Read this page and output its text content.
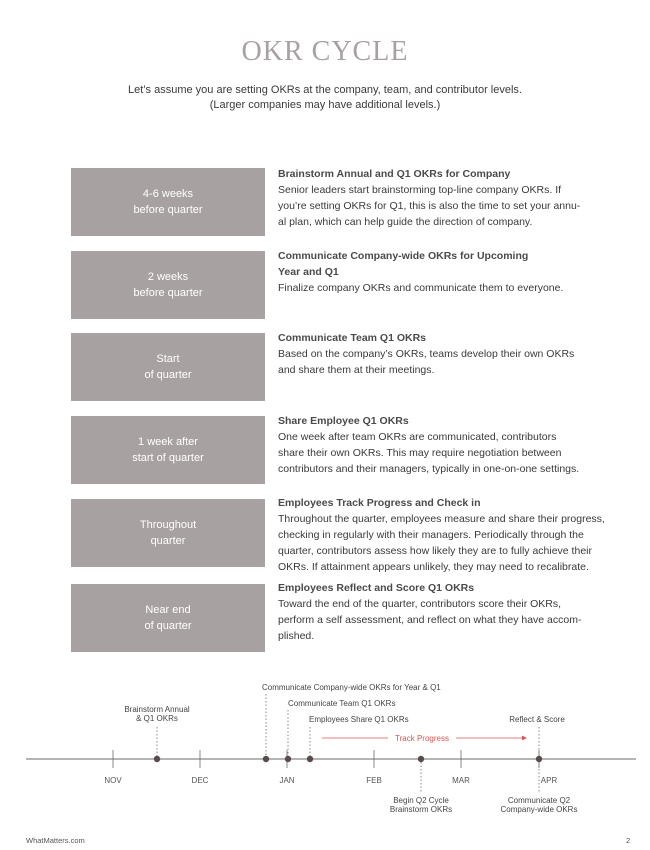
OKR CYCLE
Let’s assume you are setting OKRs at the company, team, and contributor levels.
(Larger companies may have additional levels.)
4-6 weeks
before quarter
Brainstorm Annual and Q1 OKRs for Company
Senior leaders start brainstorming top-line company OKRs. If
you’re setting OKRs for Q1, this is also the time to set your annu-
al plan, which can help guide the direction of company.
2 weeks
before quarter
Communicate Company-wide OKRs for Upcoming
Year and Q1
Finalize company OKRs and communicate them to everyone.
Start
of quarter
Communicate Team Q1 OKRs
Based on the company’s OKRs, teams develop their own OKRs
and share them at their meetings.
1 week after
start of quarter
Share Employee Q1 OKRs
One week after team OKRs are communicated, contributors
share their own OKRs. This may require negotiation between
contributors and their managers, typically in one-on-one settings.
Throughout
quarter
Employees Track Progress and Check in
Throughout the quarter, employees measure and share their progress,
checking in regularly with their managers. Periodically through the
quarter, contributors assess how likely they are to fully achieve their
OKRs. If attainment appears unlikely, they may need to recalibrate.
Near end
of quarter
Employees Reflect and Score Q1 OKRs
Toward the end of the quarter, contributors score their OKRs,
perform a self assessment, and reflect on what they have accom-
plished.
NOV	DEC	JAN	FEB	MAR	APR
Brainstorm Annual
& Q1 OKRs
Communicate Company-wide OKRs for Year & Q1
Communicate Team Q1 OKRs
Employees Share Q1 OKRs	Reflect & Score
Track Progress
Begin Q2 Cycle
Brainstorm OKRs
Communicate Q2
Company-wide OKRs
WhatMatters.com	2
